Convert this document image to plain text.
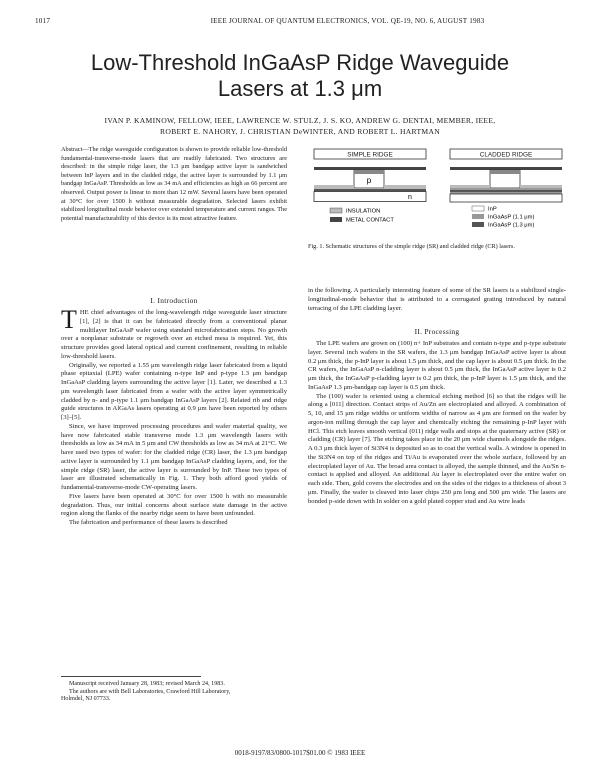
1017	IEEE JOURNAL OF QUANTUM ELECTRONICS, VOL. QE-19, NO. 6, AUGUST 1983
Low-Threshold InGaAsP Ridge Waveguide
Lasers at 1.3 μm
IVAN P. KAMINOW, FELLOW, IEEE, LAWRENCE W. STULZ, J. S. KO, ANDREW G. DENTAI, MEMBER, IEEE,
ROBERT E. NAHORY, J. CHRISTIAN DeWINTER, AND ROBERT L. HARTMAN
Abstract—The ridge waveguide configuration is shown to provide reliable low-threshold fundamental-transverse-mode lasers that are readily fabricated. Two structures are described: in the simple ridge laser, the 1.3 μm bandgap active layer is sandwiched between InP layers and in the cladded ridge, the active layer is surrounded by 1.1 μm bandgap InGaAsP. Thresholds as low as 34 mA and efficiencies as high as 66 percent are observed. Output power is linear to more than 12 mW. Several lasers have been operated at 30°C for over 1500 h without measurable degradation. Selected lasers exhibit stabilized longitudinal mode behavior over extended temperature and current ranges. The potential manufacturability of this device is its most attractive feature.
SIMPLE RIDGE
p
n
CLADDED RIDGE
INSULATION
METAL CONTACT
InP
InGaAsP (1.1 μm)
InGaAsP (1.3 μm)
Fig. 1. Schematic structures of the simple ridge (SR) and cladded ridge (CR) lasers.
I. Introduction

THE chief advantages of the long-wavelength ridge waveguide laser structure [1], [2] is that it can be fabricated directly from a conventional planar multilayer InGaAsP wafer using standard microfabrication steps. No growth over a nonplanar substrate or regrowth over an etched mesa is required. Yet, this structure provides good lateral optical and current confinement, resulting in reliable low-threshold lasers.

Originally, we reported a 1.55 μm wavelength ridge laser fabricated from a liquid phase epitaxial (LPE) wafer containing n-type InP and p-type 1.3 μm bandgap InGaAsP cladding layers surrounding the active layer [1]. Later, we described a 1.3 μm wavelength laser fabricated from a wafer with the active layer symmetrically cladded by n- and p-type 1.1 μm bandgap InGaAsP layers [2]. Related rib and ridge guide structures in AlGaAs lasers operating at 0.9 μm have been reported by others [3]–[5].

Since, we have improved processing procedures and wafer material quality, we have now fabricated stable transverse mode 1.3 μm wavelength lasers with thresholds as low as 34 mA in 5 μm and CW thresholds as low as 34 mA at 21°C. We have used two types of wafer: for the cladded ridge (CR) laser, the 1.3 μm bandgap active layer is surrounded by 1.1 μm bandgap InGaAsP cladding layers, and, for the simple ridge (SR) laser, the active layer is surrounded by InP. These two types of laser are illustrated schematically in Fig. 1. They both afford good yields of fundamental-transverse-mode CW-operating lasers.

Five lasers have been operated at 30°C for over 1500 h with no measurable degradation. Thus, our initial concerns about surface state damage in the active region along the flanks of the nearby ridge seem to have been unfounded.

The fabrication and performance of these lasers is described

Manuscript received January 28, 1983; revised March 24, 1983.
The authors are with Bell Laboratories, Crawford Hill Laboratory,
Holmdel, NJ 07733.

in the following. A particularly interesting feature of some of the SR lasers is a stabilized single-longitudinal-mode behavior that is attributed to a corrugated grating introduced by natural terracing of the LPE cladding layer.

II. Processing

The LPE wafers are grown on (100) n+ InP substrates and contain n-type and p-type substrate layer. Several inch wafers in the SR wafers, the 1.3 μm bandgap InGaAsP active layer is about 0.2 μm thick, the p-InP layer is about 1.5 μm thick, and the cap layer is about 0.5 μm thick. In the CR wafers, the InGaAsP n-cladding layer is about 0.5 μm thick, the InGaAsP active layer is 0.2 μm thick, the InGaAsP p-cladding layer is 0.2 μm thick, the p-InP layer is 1.5 μm thick, and the InGaAsP 1.3 μm-bandgap cap layer is 0.5 μm thick.

The (100) wafer is oriented using a chemical etching method [6] so that the ridges will lie along a [011] direction. Contact strips of Au/Zn are electroplated and alloyed. A combination of 5, 10, and 15 μm ridge widths or uniform widths of narrow as 4 μm are formed on the wafer by argon-ion milling through the cap layer and chemically etching the remaining p-InP layer with HCl. This etch leaves smooth vertical (011) ridge walls and stops at the quaternary active (SR) or cladding (CR) layer [7]. The etching takes place in the 20 μm wide channels alongside the ridges. A 0.3 μm thick layer of Si3N4 is deposited so as to coat the vertical walls. A window is opened in the Si3N4 on top of the ridges and Ti/Au is evaporated over the whole surface, followed by an electroplated layer of Au. The broad area contact is alloyed, the sample thinned, and the Au/Sn n-contact is applied and alloyed. An additional Au layer is electroplated over the entire wafer on each side. Then, gold covers the electrodes and on the sides of the ridges to a thickness of about 3 μm. Finally, the wafer is cleaved into laser chips 250 μm long and 500 μm wide. The lasers are bonded p-side down with In solder on a gold plated copper stud and Au wire leads

0018-9197/83/0800-1017$01.00 © 1983 IEEE
